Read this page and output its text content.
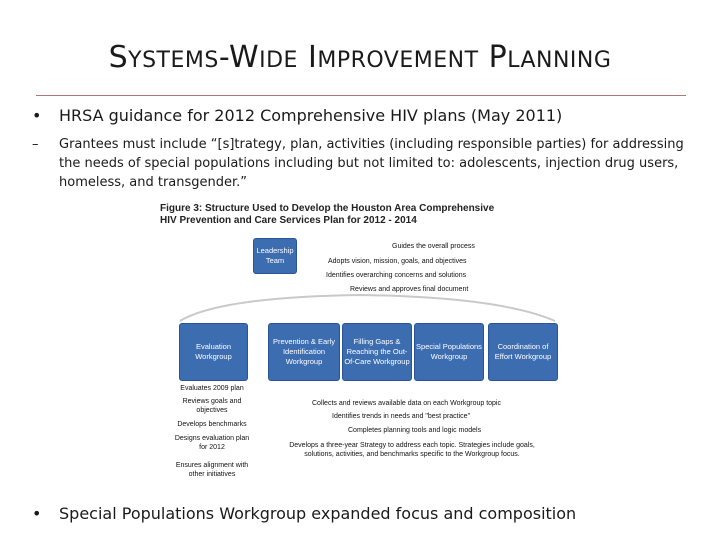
SYSTEMS-WIDE IMPROVEMENT PLANNING
• HRSA guidance for 2012 Comprehensive HIV plans (May 2011)
– Grantees must include “[s]trategy, plan, activities (including responsible parties) for addressing the needs of special populations including but not limited to: adolescents, injection drug users, homeless, and transgender.”
Figure 3: Structure Used to Develop the Houston Area Comprehensive HIV Prevention and Care Services Plan for 2012 - 2014
Leadership Team
Guides the overall process
Adopts vision, mission, goals, and objectives
Identifies overarching concerns and solutions
Reviews and approves final document
Evaluation Workgroup
Prevention & Early Identification Workgroup
Filling Gaps & Reaching the Out-Of-Care Workgroup
Special Populations Workgroup
Coordination of Effort Workgroup
Evaluates 2009 plan
Reviews goals and objectives
Develops benchmarks
Designs evaluation plan for 2012
Ensures alignment with other initiatives
Collects and reviews available data on each Workgroup topic
Identifies trends in needs and "best practice"
Completes planning tools and logic models
Develops a three-year Strategy to address each topic. Strategies include goals, solutions, activities, and benchmarks specific to the Workgroup focus.
• Special Populations Workgroup expanded focus and composition
